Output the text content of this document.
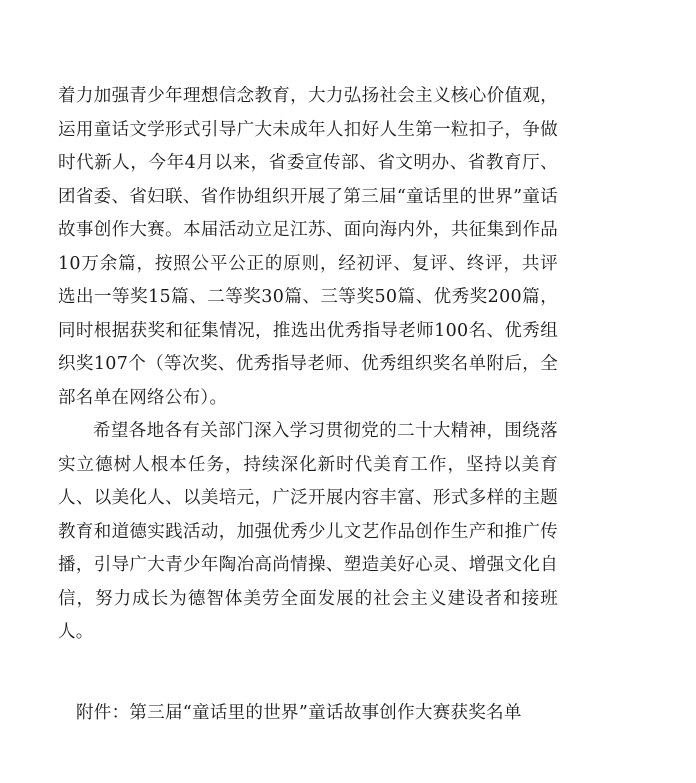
着力加强青少年理想信念教育，大力弘扬社会主义核心价值观，运用童话文学形式引导广大未成年人扣好人生第一粒扣子，争做时代新人，今年4月以来，省委宣传部、省文明办、省教育厅、团省委、省妇联、省作协组织开展了第三届“童话里的世界”童话故事创作大赛。本届活动立足江苏、面向海内外，共征集到作品10万余篇，按照公平公正的原则，经初评、复评、终评，共评选出一等奖15篇、二等奖30篇、三等奖50篇、优秀奖200篇，同时根据获奖和征集情况，推选出优秀指导老师100名、优秀组织奖107个（等次奖、优秀指导老师、优秀组织奖名单附后，全部名单在网络公布）。

希望各地各有关部门深入学习贯彻党的二十大精神，围绕落实立德树人根本任务，持续深化新时代美育工作，坚持以美育人、以美化人、以美培元，广泛开展内容丰富、形式多样的主题教育和道德实践活动，加强优秀少儿文艺作品创作生产和推广传播，引导广大青少年陶冶高尚情操、塑造美好心灵、增强文化自信，努力成长为德智体美劳全面发展的社会主义建设者和接班人。

附件：第三届“童话里的世界”童话故事创作大赛获奖名单
